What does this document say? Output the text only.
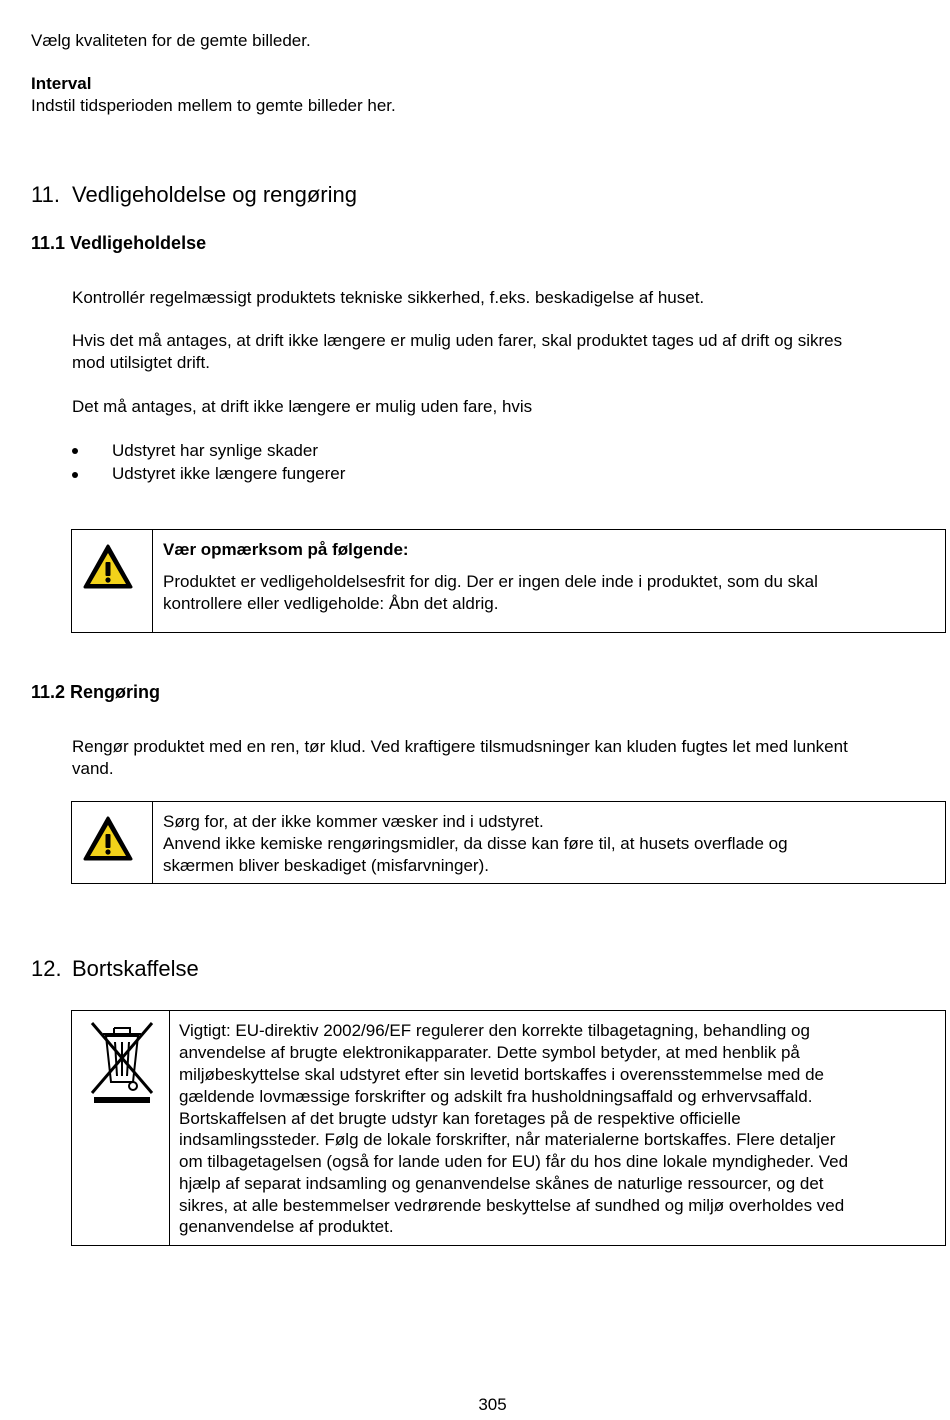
Vælg kvaliteten for de gemte billeder.

Interval

Indstil tidsperioden mellem to gemte billeder her.

11. Vedligeholdelse og rengøring
11.1 Vedligeholdelse

Kontrollér regelmæssigt produktets tekniske sikkerhed, f.eks. beskadigelse af huset.

Hvis det må antages, at drift ikke længere er mulig uden farer, skal produktet tages ud af drift og sikres

mod utilsigtet drift.

Det må antages, at drift ikke længere er mulig uden fare, hvis

Udstyret har synlige skader

Udstyret ikke længere fungerer

Vær opmærksom på følgende:

Produktet er vedligeholdelsesfrit for dig. Der er ingen dele inde i produktet, som du skal

kontrollere eller vedligeholde: Åbn det aldrig.

11.2 Rengøring

Rengør produktet med en ren, tør klud. Ved kraftigere tilsmudsninger kan kluden fugtes let med lunkent

vand.

Sørg for, at der ikke kommer væsker ind i udstyret.

Anvend ikke kemiske rengøringsmidler, da disse kan føre til, at husets overflade og

skærmen bliver beskadiget (misfarvninger).

12. Bortskaffelse

Vigtigt: EU-direktiv 2002/96/EF regulerer den korrekte tilbagetagning, behandling og

anvendelse af brugte elektronikapparater. Dette symbol betyder, at med henblik på

miljøbeskyttelse skal udstyret efter sin levetid bortskaffes i overensstemmelse med de

gældende lovmæssige forskrifter og adskilt fra husholdningsaffald og erhvervsaffald.

Bortskaffelsen af det brugte udstyr kan foretages på de respektive officielle

indsamlingssteder. Følg de lokale forskrifter, når materialerne bortskaffes. Flere detaljer

om tilbagetagelsen (også for lande uden for EU) får du hos dine lokale myndigheder. Ved

hjælp af separat indsamling og genanvendelse skånes de naturlige ressourcer, og det

sikres, at alle bestemmelser vedrørende beskyttelse af sundhed og miljø overholdes ved

genanvendelse af produktet.

305
